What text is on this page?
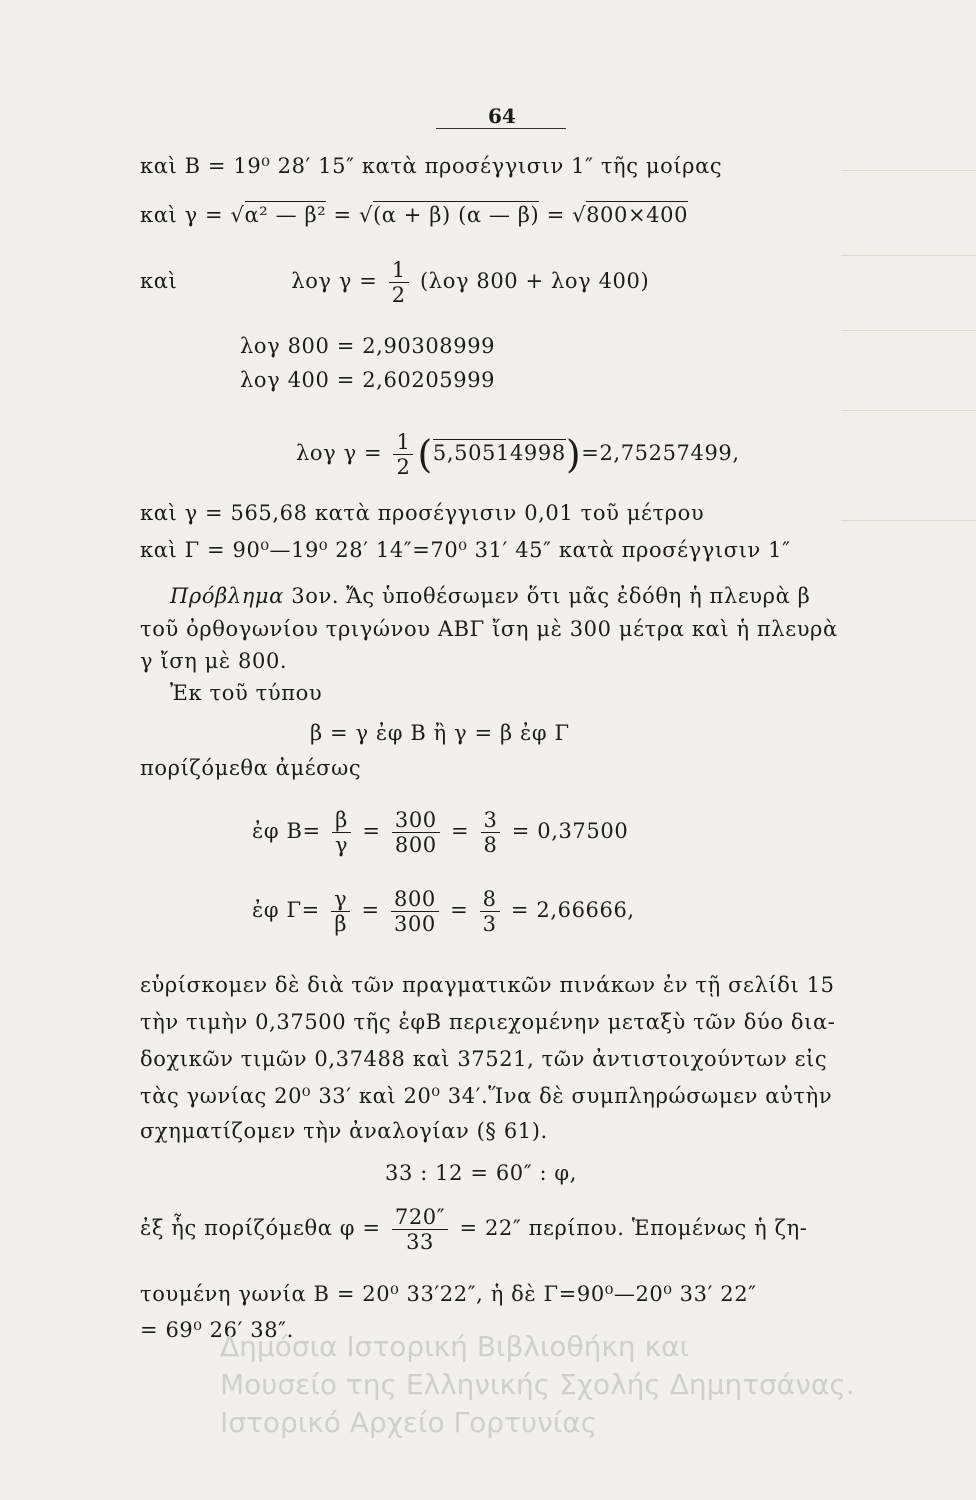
64
καὶ B = 19⁰ 28′ 15″ κατὰ προσέγγισιν 1″ τῆς μοίρας
καὶ γ = √α² — β² = √(α + β) (α — β) = √800×400
καὶ	λογ $\gamma = \frac{1}{2} (\lambda o\gamma$ 800 + λογ 400)
λογ 800 = 2,90308999
λογ 400 = 2,60205999
λογ $\gamma = \frac{1}{2} (5,50514998)=2,75257499$,
καὶ γ = 565,68 κατὰ προσέγγισιν 0,01 τοῦ μέτρου
καὶ Γ = 90⁰—19⁰ 28′ 14″=70⁰ 31′ 45″ κατὰ προσέγγισιν 1″
Πρόβλημα 3ον. Ἄς ὑποθέσωμεν ὅτι μᾶς ἐδόθη ἡ πλευρὰ β
τοῦ ὀρθογωνίου τριγώνου ΑΒΓ ἴση μὲ 300 μέτρα καὶ ἡ πλευρὰ
γ ἴση μὲ 800.
Ἐκ τοῦ τύπου
β = γ ἐφ Β ἢ γ = β ἐφ Γ
πορίζόμεθα ἀμέσως
ἐφ $B= \frac{\beta}{\gamma} = \frac{300}{800} = \frac{3}{8} = 0,37500$
ἐφ $\Gamma= \frac{\gamma}{\beta} = \frac{800}{300} = \frac{8}{3} = 2,66666$,
εὑρίσκομεν δὲ διὰ τῶν πραγματικῶν πινάκων ἐν τῇ σελίδι 15
τὴν τιμὴν 0,37500 τῆς ἐφΒ περιεχομένην μεταξὺ τῶν δύο δια-
δοχικῶν τιμῶν 0,37488 καὶ 37521, τῶν ἀντιστοιχούντων εἰς
τὰς γωνίας 20⁰ 33′ καὶ 20⁰ 34′.Ἵνα δὲ συμπληρώσωμεν αὐτὴν
σχηματίζομεν τὴν ἀναλογίαν (§ 61).
33 : 12 = 60″ : φ,
ἐξ ἧς πορίζόμεθα $\varphi = \frac{720''}{33} = 22''$ περίπου. Ἑπομένως ἡ ζη-
τουμένη γωνία Β = 20⁰ 33′22″, ἡ δὲ Γ=90⁰—20⁰ 33′ 22″
= 69⁰ 26′ 38″.
Δημόσια Ιστορική Βιβλιοθήκη και
Μουσείο της Ελληνικής Σχολής Δημητσάνας.
Ιστορικό Αρχείο Γορτυνίας
